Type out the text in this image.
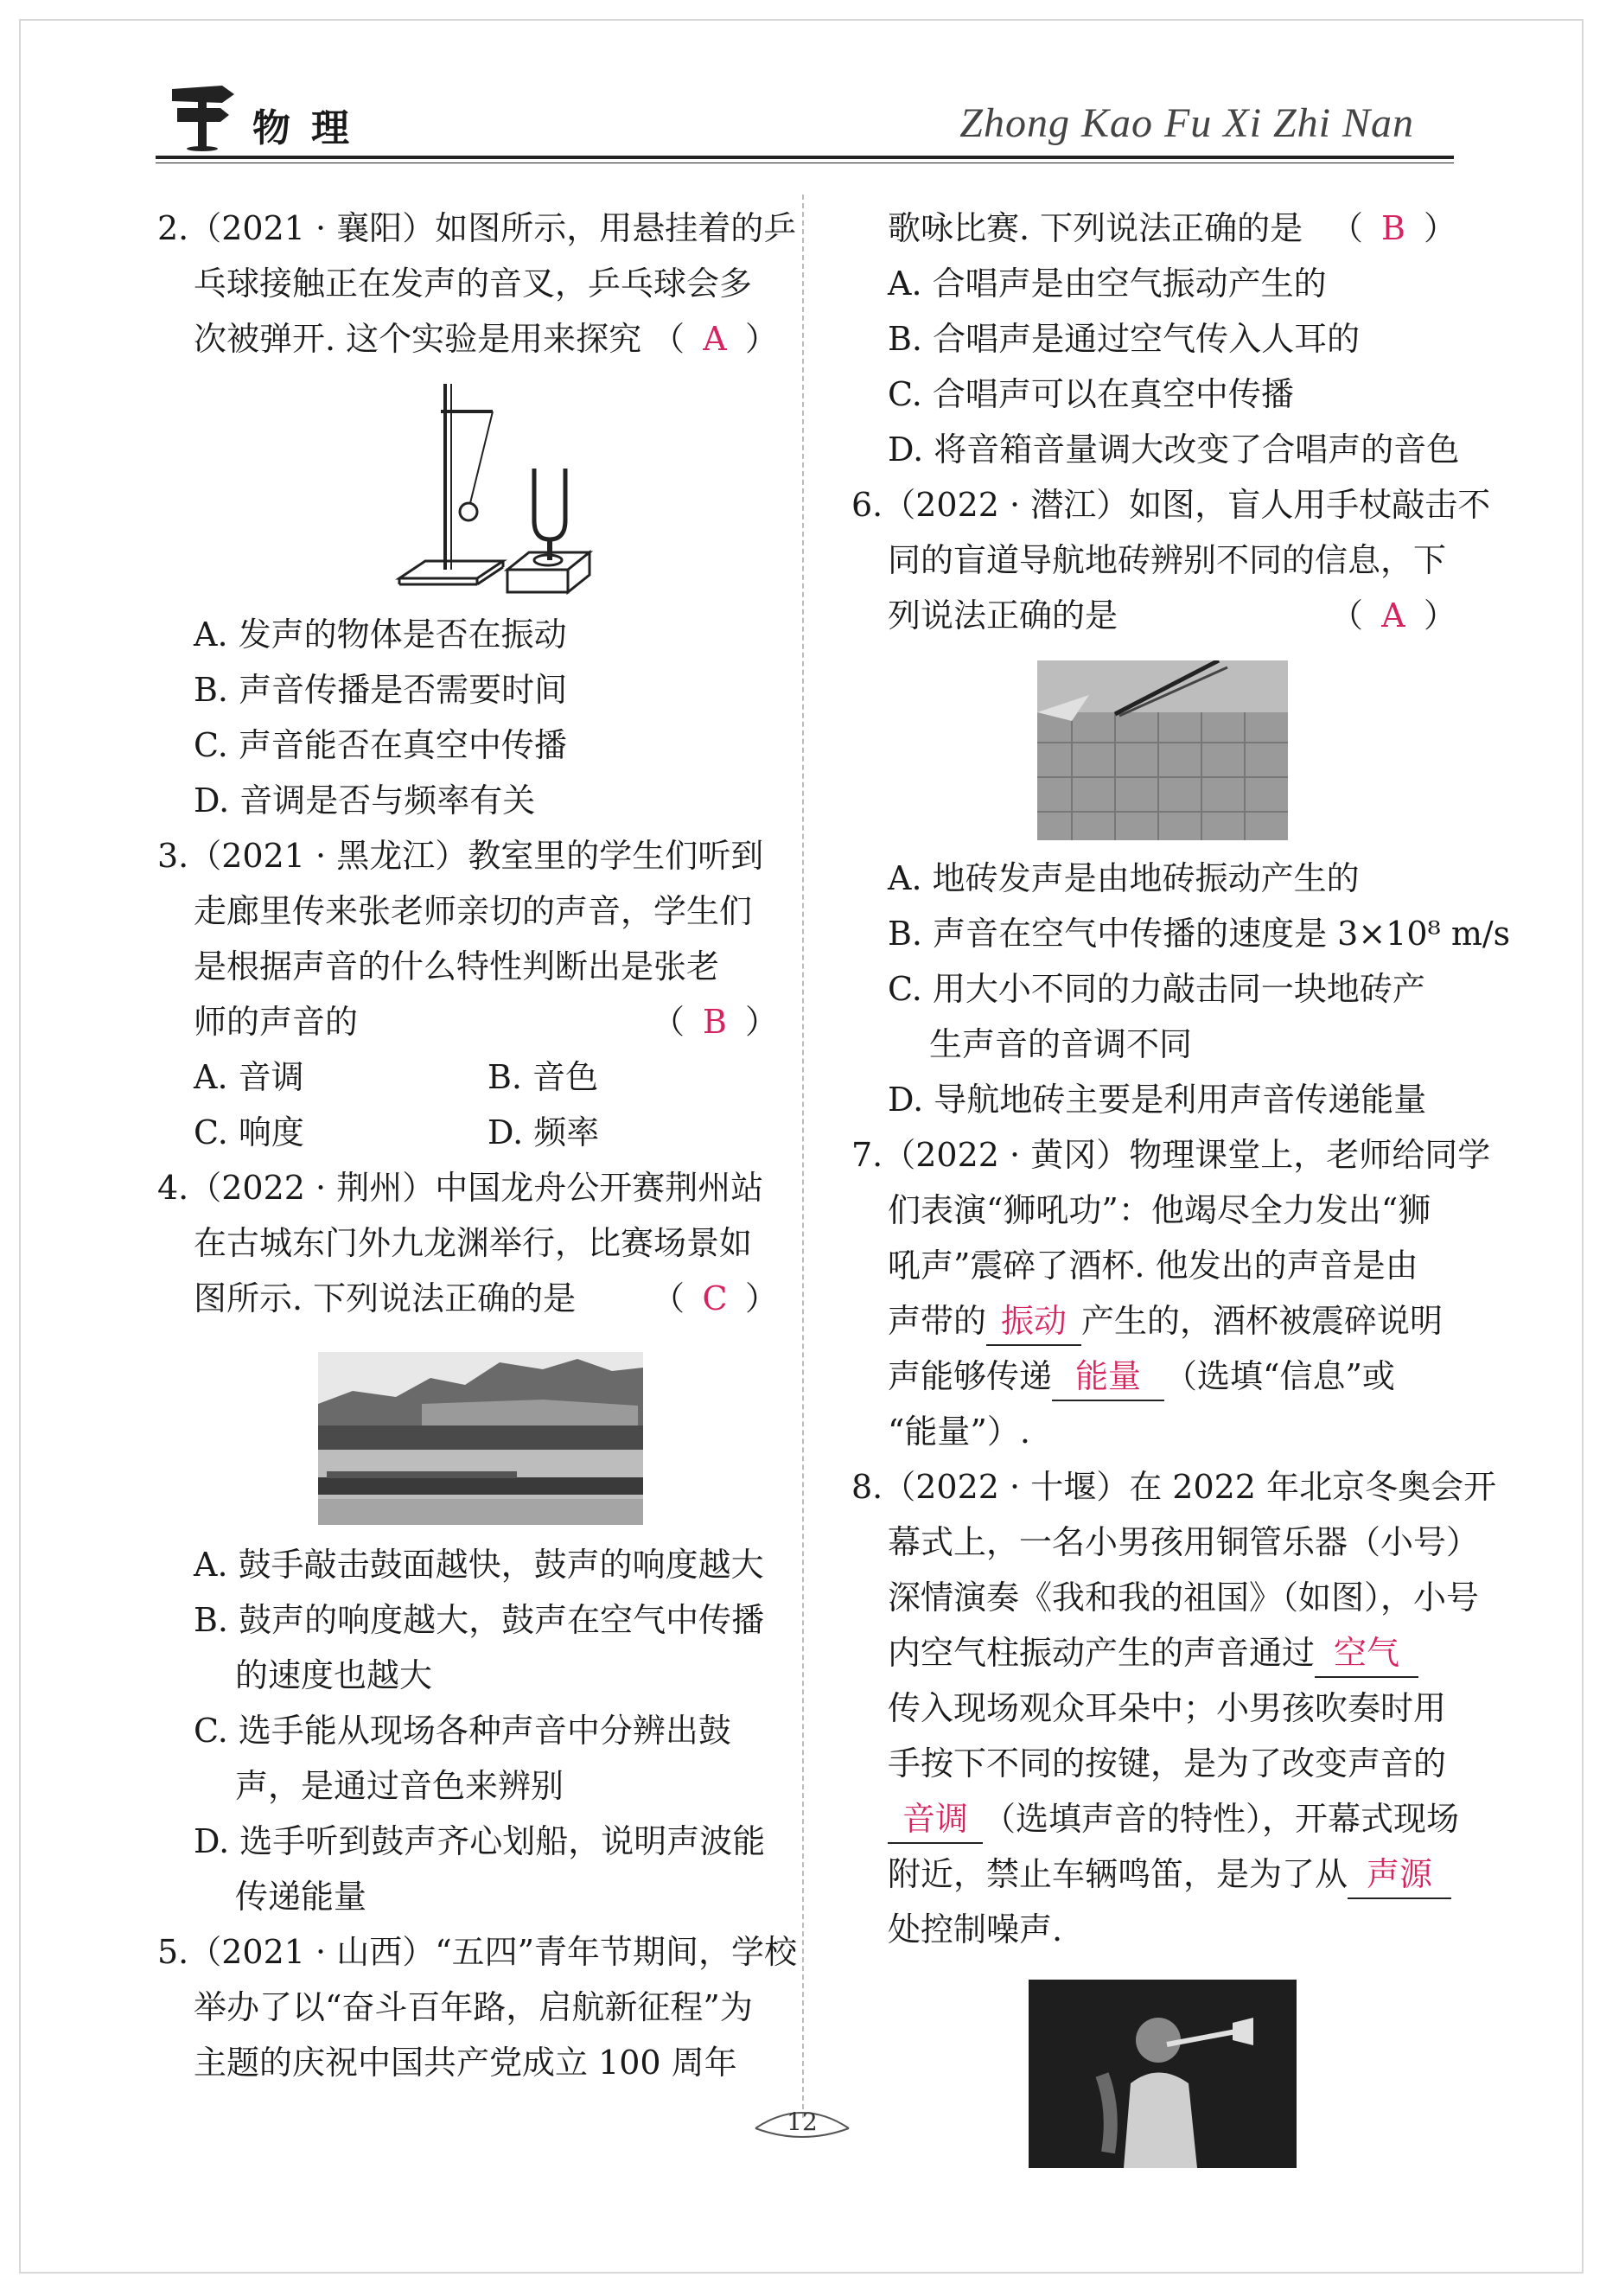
物理	Zhong Kao Fu Xi Zhi Nan
2.（2021 · 襄阳）如图所示，用悬挂着的乒
乓球接触正在发声的音叉，乒乓球会多
次被弹开. 这个实验是用来探究 （ A ）
A. 发声的物体是否在振动
B. 声音传播是否需要时间
C. 声音能否在真空中传播
D. 音调是否与频率有关
3.（2021 · 黑龙江）教室里的学生们听到
走廊里传来张老师亲切的声音，学生们
是根据声音的什么特性判断出是张老
师的声音的	（ B ）
A. 音调	B. 音色
C. 响度	D. 频率
4.（2022 · 荆州）中国龙舟公开赛荆州站
在古城东门外九龙渊举行，比赛场景如
图所示. 下列说法正确的是 （ C ）
A. 鼓手敲击鼓面越快，鼓声的响度越大
B. 鼓声的响度越大，鼓声在空气中传播
的速度也越大
C. 选手能从现场各种声音中分辨出鼓
声，是通过音色来辨别
D. 选手听到鼓声齐心划船，说明声波能
传递能量
5.（2021 · 山西）“五四”青年节期间，学校
举办了以“奋斗百年路，启航新征程”为
主题的庆祝中国共产党成立 100 周年
歌咏比赛. 下列说法正确的是 （ B ）
A. 合唱声是由空气振动产生的
B. 合唱声是通过空气传入人耳的
C. 合唱声可以在真空中传播
D. 将音箱音量调大改变了合唱声的音色
6.（2022 · 潜江）如图，盲人用手杖敲击不
同的盲道导航地砖辨别不同的信息，下
列说法正确的是	（ A ）
A. 地砖发声是由地砖振动产生的
B. 声音在空气中传播的速度是 3×10⁸ m/s
C. 用大小不同的力敲击同一块地砖产
生声音的音调不同
D. 导航地砖主要是利用声音传递能量
7.（2022 · 黄冈）物理课堂上，老师给同学
们表演“狮吼功”：他竭尽全力发出“狮
吼声”震碎了酒杯. 他发出的声音是由
声带的 振动 产生的，酒杯被震碎说明
声能够传递 能量 （选填“信息”或
“能量”）.
8.（2022 · 十堰）在 2022 年北京冬奥会开
幕式上，一名小男孩用铜管乐器（小号）
深情演奏《我和我的祖国》（如图），小号
内空气柱振动产生的声音通过 空气
传入现场观众耳朵中；小男孩吹奏时用
手按下不同的按键，是为了改变声音的
音调 （选填声音的特性），开幕式现场
附近，禁止车辆鸣笛，是为了从 声源
处控制噪声.
12
